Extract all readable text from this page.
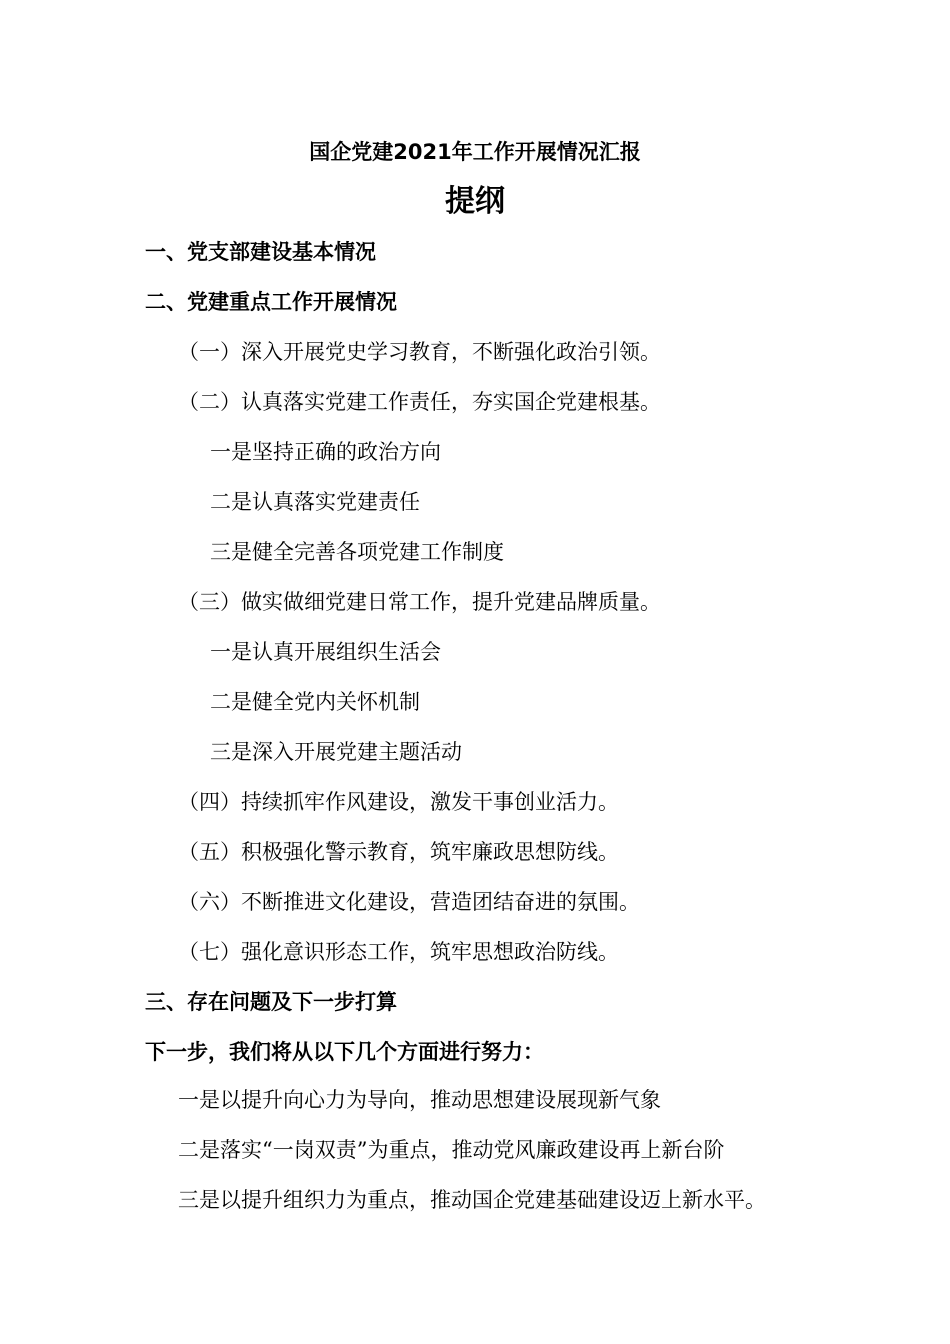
国企党建2021年工作开展情况汇报
提纲
一、党支部建设基本情况
二、党建重点工作开展情况
（一）深入开展党史学习教育，不断强化政治引领。
（二）认真落实党建工作责任，夯实国企党建根基。
一是坚持正确的政治方向
二是认真落实党建责任
三是健全完善各项党建工作制度
（三）做实做细党建日常工作，提升党建品牌质量。
一是认真开展组织生活会
二是健全党内关怀机制
三是深入开展党建主题活动
（四）持续抓牢作风建设，激发干事创业活力。
（五）积极强化警示教育，筑牢廉政思想防线。
（六）不断推进文化建设，营造团结奋进的氛围。
（七）强化意识形态工作，筑牢思想政治防线。
三、存在问题及下一步打算
下一步，我们将从以下几个方面进行努力：
一是以提升向心力为导向，推动思想建设展现新气象
二是落实“一岗双责”为重点，推动党风廉政建设再上新台阶
三是以提升组织力为重点，推动国企党建基础建设迈上新水平。
